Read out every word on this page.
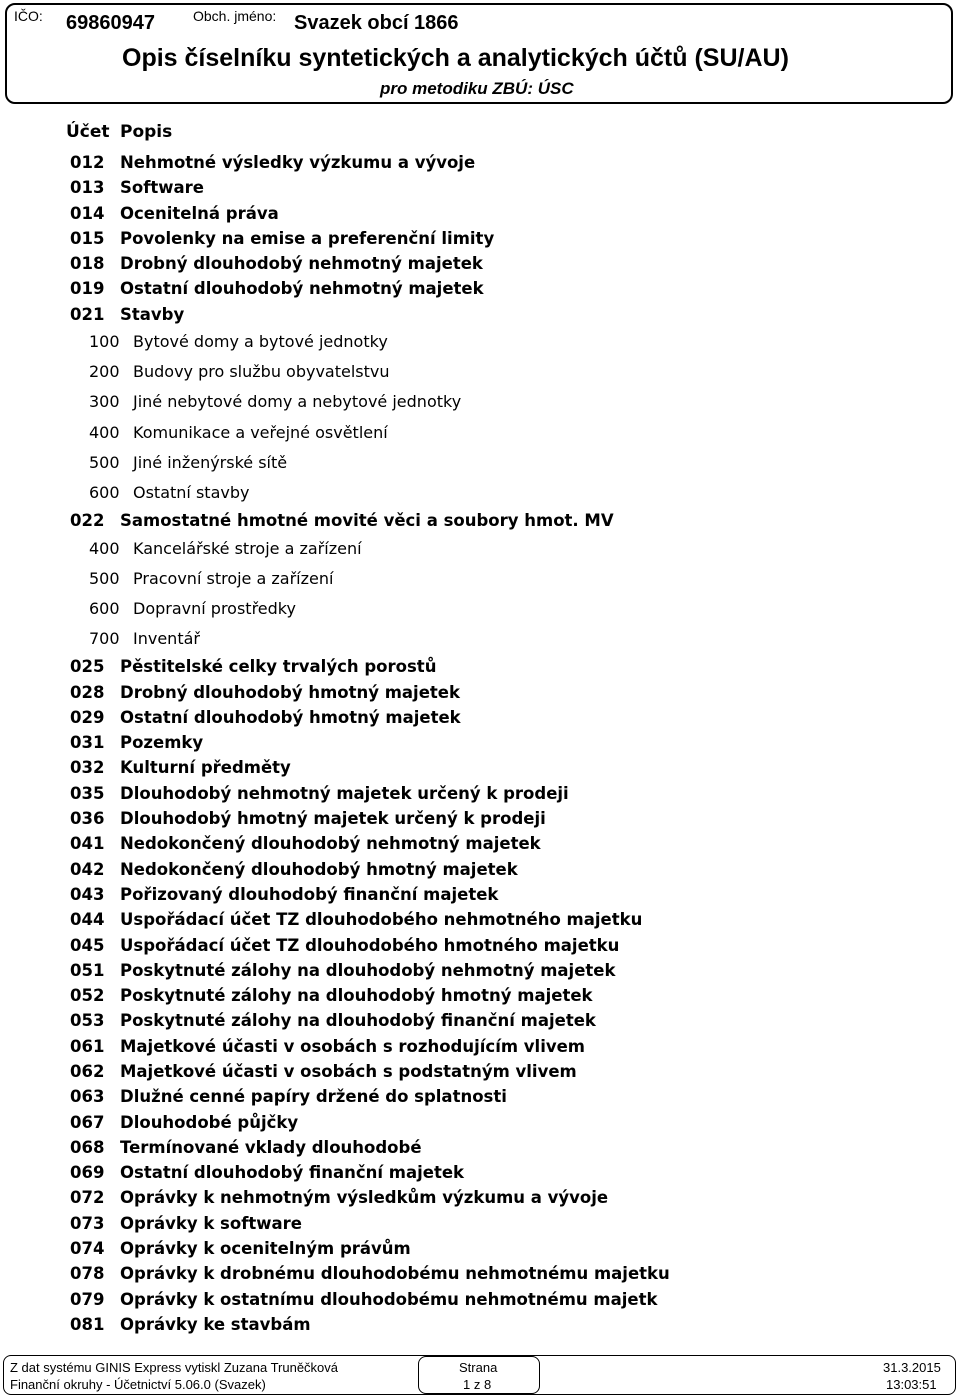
IČO: 69860947	Obch. jméno: Svazek obcí 1866
Opis číselníku syntetických a analytických účtů (SU/AU)
pro metodiku ZBÚ: ÚSC
Účet Popis
012 Nehmotné výsledky výzkumu a vývoje
013 Software
014 Ocenitelná práva
015 Povolenky na emise a preferenční limity
018 Drobný dlouhodobý nehmotný majetek
019 Ostatní dlouhodobý nehmotný majetek
021 Stavby
100 Bytové domy a bytové jednotky
200 Budovy pro službu obyvatelstvu
300 Jiné nebytové domy a nebytové jednotky
400 Komunikace a veřejné osvětlení
500 Jiné inženýrské sítě
600 Ostatní stavby
022 Samostatné hmotné movité věci a soubory hmot. MV
400 Kancelářské stroje a zařízení
500 Pracovní stroje a zařízení
600 Dopravní prostředky
700 Inventář
025 Pěstitelské celky trvalých porostů
028 Drobný dlouhodobý hmotný majetek
029 Ostatní dlouhodobý hmotný majetek
031 Pozemky
032 Kulturní předměty
035 Dlouhodobý nehmotný majetek určený k prodeji
036 Dlouhodobý hmotný majetek určený k prodeji
041 Nedokončený dlouhodobý nehmotný majetek
042 Nedokončený dlouhodobý hmotný majetek
043 Pořizovaný dlouhodobý finanční majetek
044 Uspořádací účet TZ dlouhodobého nehmotného majetku
045 Uspořádací účet TZ dlouhodobého hmotného majetku
051 Poskytnuté zálohy na dlouhodobý nehmotný majetek
052 Poskytnuté zálohy na dlouhodobý hmotný majetek
053 Poskytnuté zálohy na dlouhodobý finanční majetek
061 Majetkové účasti v osobách s rozhodujícím vlivem
062 Majetkové účasti v osobách s podstatným vlivem
063 Dlužné cenné papíry držené do splatnosti
067 Dlouhodobé půjčky
068 Termínované vklady dlouhodobé
069 Ostatní dlouhodobý finanční majetek
072 Oprávky k nehmotným výsledkům výzkumu a vývoje
073 Oprávky k software
074 Oprávky k ocenitelným právům
078 Oprávky k drobnému dlouhodobému nehmotnému majetku
079 Oprávky k ostatnímu dlouhodobému nehmotnému majetk
081 Oprávky ke stavbám
Z dat systému GINIS Express vytiskl Zuzana Truněčková
Finanční okruhy - Účetnictví 5.06.0 (Svazek)
Strana
1 z 8
31.3.2015
13:03:51
